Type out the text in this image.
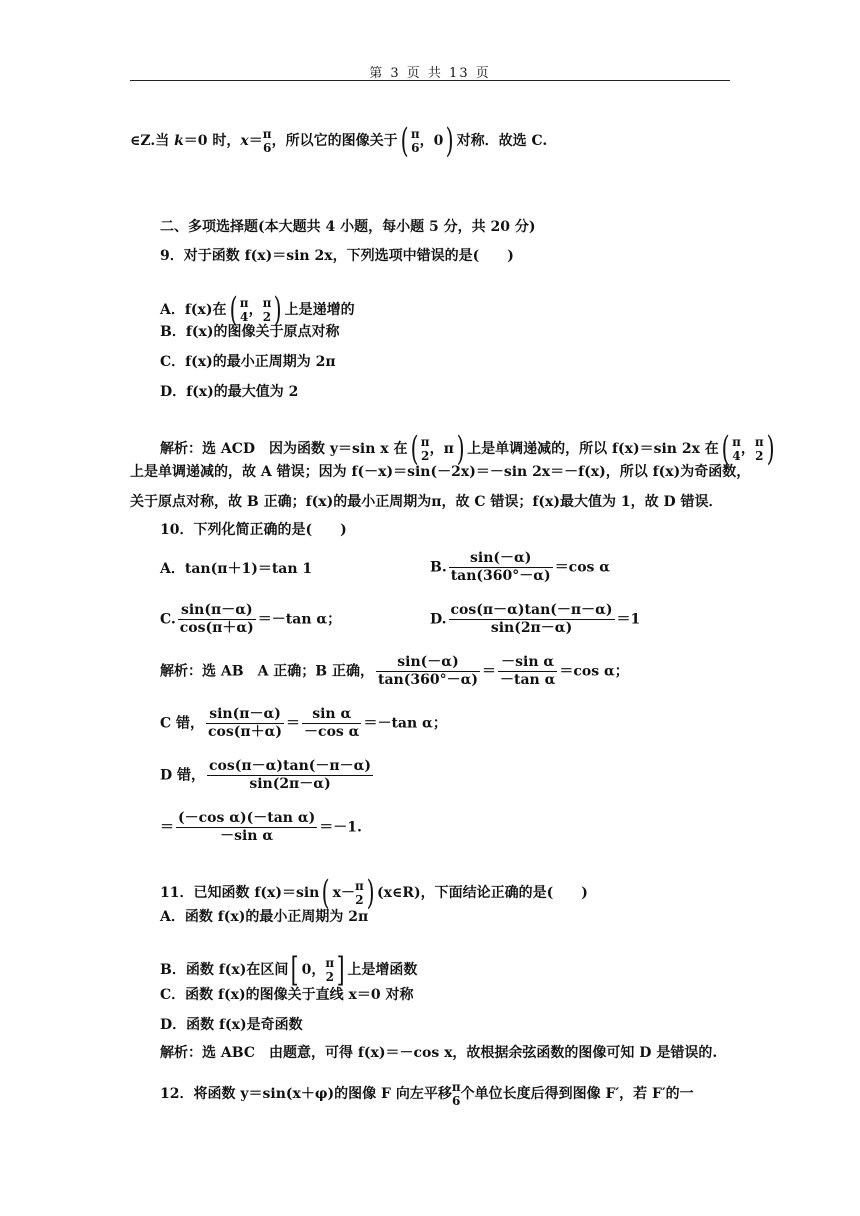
第 3 页 共 13 页
∈Z.当 k＝0 时，x＝ π
6 ，所以它的图像关于( π
6 ，0) 对称．故选 C.
二、多项选择题(本大题共 4 小题，每小题 5 分，共 20 分)
9．对于函数 f(x)＝sin 2x，下列选项中错误的是(　　)
A．f(x)在( π
4 ， π
2 ) 上是递增的
B．f(x)的图像关于原点对称
C．f(x)的最小正周期为 2π
D．f(x)的最大值为 2
解析：选 ACD　因为函数 y＝sin x 在( π
2 ，π) 上是单调递减的，所以 f(x)＝sin 2x 在( π
4 ， π
2 )
上是单调递减的，故 A 错误；因为 f(－x)＝sin(－2x)＝－sin 2x＝－f(x)，所以 f(x)为奇函数，
关于原点对称，故 B 正确；f(x)的最小正周期为π，故 C 错误；f(x)最大值为 1，故 D 错误．
10．下列化简正确的是(　　)
A．tan(π＋1)＝tan 1	B. $\frac{\sin(-\alpha)}{\tan(360^\circ-\alpha)} =\cos$ α
C. $\frac{\sin(\pi-\alpha)}{\cos(\pi+\alpha)} =-\tan$ α；	D. $\frac{\cos(\pi-\alpha)\tan(-\pi-\alpha)}{\sin(2\pi-\alpha)} =1$
解析：选 AB　A 正确；B 正确， $\frac{\sin(-\alpha)}{\tan(360^\circ-\alpha)} = \frac{\text{－sin α}}{\text{－tan α}} =\cos$ α；
C 错， $\frac{\sin(\pi-\alpha)}{\cos(\pi+\alpha)} = \frac{\text{sin α}}{\text{－cos α}} =-\tan$ α；
D 错， $\frac{\cos(\pi-\alpha)\tan(-\pi-\alpha)}{\sin(2\pi-\alpha)}$
＝ $\frac{\text{(－cos α)(－tan α)}}{\text{－sin α}} =-1$.
11．已知函数 f(x)＝sin( x－ π
2 ) (x∈R)，下面结论正确的是(　　)
A．函数 f(x)的最小正周期为 2π
B．函数 f(x)在区间[ 0， π
2 ] 上是增函数
C．函数 f(x)的图像关于直线 x＝0 对称
D．函数 f(x)是奇函数
解析：选 ABC　由题意，可得 f(x)＝－cos x，故根据余弦函数的图像可知 D 是错误的.
12．将函数 y＝sin(x＋φ)的图像 F 向左平移 π
6 个单位长度后得到图像 F′，若 F′的一
